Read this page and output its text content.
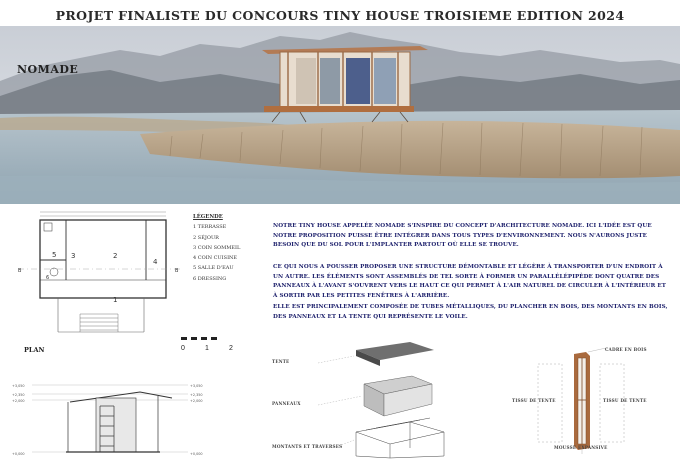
PROJET FINALISTE DU CONCOURS TINY HOUSE TROISIEME EDITION 2024
NOMADE
3	2
5
4
6
1
B	B
LÉGENDE
1 TERRASSE
2 SÉJOUR
3 COIN SOMMEIL
4 COIN CUISINE
5 SALLE D'EAU
6 DRESSING
NOTRE TINY HOUSE APPELÉE NOMADE S'INSPIRE DU CONCEPT D'ARCHITECTURE NOMADE. ICI L'IDÉE EST QUE NOTRE PROPOSITION PUISSE ÊTRE INTÉGRER DANS TOUS TYPES D'ENVIRONNEMENT. NOUS N'AURONS JUSTE BESOIN QUE DU SOL POUR L'IMPLANTER PARTOUT OÙ ELLE SE TROUVE.
CE QUI NOUS A POUSSER PROPOSER UNE STRUCTURE DÉMONTABLE ET LÉGÈRE À TRANSPORTER D'UN ENDROIT À UN AUTRE. LES ÉLÉMENTS SONT ASSEMBLÉS DE TEL SORTE À FORMER UN PARALLÉLÉPIPÈDE DONT QUATRE DES PANNEAUX À L'AVANT S'OUVRENT VERS LE HAUT CE QUI PERMET À L'AIR NATUREL DE CIRCULER À L'INTÉRIEUR ET À SORTIR PAR LES PETITES FENÊTRES À L'ARRIÈRE.
ELLE EST PRINCIPALEMENT COMPOSÉE DE TUBES MÉTALLIQUES, DU PLANCHER EN BOIS, DES MONTANTS EN BOIS, DES PANNEAUX ET LA TENTE QUI REPRÉSENTE LE VOILE.
PLAN	0	1	2
+3,050
+2,350
+2,000
+0,000
+3,050
+2,350
+2,000
+0,000
TENTE
PANNEAUX
MONTANTS ET TRAVERSES
CADRE EN BOIS
TISSU DE TENTE	TISSU DE TENTE
MOUSSE EXPANSIVE
